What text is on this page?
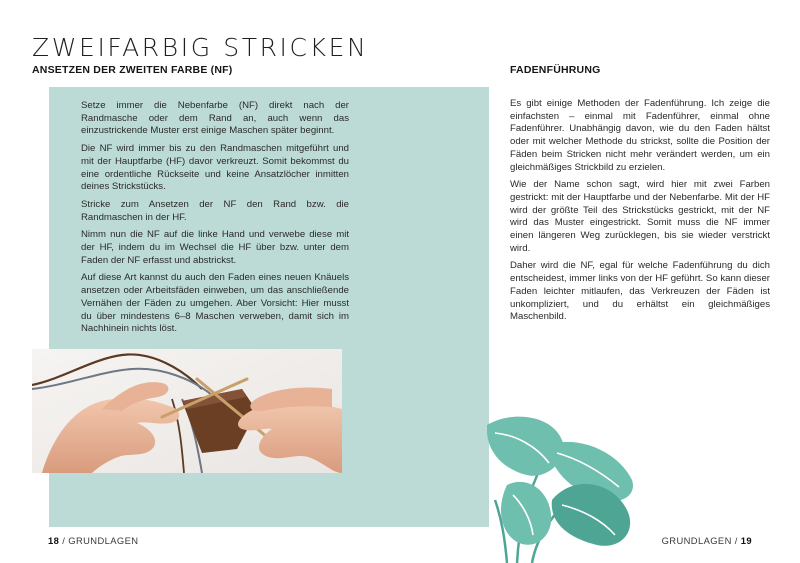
ZWEIFARBIG STRICKEN
ANSETZEN DER ZWEITEN FARBE (NF)

Setze immer die Nebenfarbe (NF) direkt nach der Randmasche oder dem Rand an, auch wenn das einzustrickende Muster erst einige Maschen später beginnt.

Die NF wird immer bis zu den Randmaschen mitgeführt und mit der Hauptfarbe (HF) davor verkreuzt. Somit bekommst du eine ordentliche Rückseite und keine Ansatzlöcher inmitten deines Strickstücks.

Stricke zum Ansetzen der NF den Rand bzw. die Randmaschen in der HF.

Nimm nun die NF auf die linke Hand und verwebe diese mit der HF, indem du im Wechsel die HF über bzw. unter dem Faden der NF erfasst und abstrickst.

Auf diese Art kannst du auch den Faden eines neuen Knäuels ansetzen oder Arbeitsfäden einweben, um das anschließende Vernähen der Fäden zu umgehen. Aber Vorsicht: Hier musst du über mindestens 6–8 Maschen verweben, damit sich im Nachhinein nichts löst.

FADENFÜHRUNG

Es gibt einige Methoden der Fadenführung. Ich zeige die einfachsten – einmal mit Fadenführer, einmal ohne Fadenführer. Unabhängig davon, wie du den Faden hältst oder mit welcher Methode du strickst, sollte die Position der Fäden beim Stricken nicht mehr verändert werden, um ein gleichmäßiges Strickbild zu erzielen.

Wie der Name schon sagt, wird hier mit zwei Farben gestrickt: mit der Hauptfarbe und der Nebenfarbe. Mit der HF wird der größte Teil des Strickstücks gestrickt, mit der NF wird das Muster eingestrickt. Somit muss die NF immer einen längeren Weg zurücklegen, bis sie wieder verstrickt wird.

Daher wird die NF, egal für welche Fadenführung du dich entscheidest, immer links von der HF geführt. So kann dieser Faden leichter mitlaufen, das Verkreuzen der Fäden ist unkompliziert, und du erhältst ein gleichmäßiges Maschenbild.

18 / GRUNDLAGEN	GRUNDLAGEN / 19
